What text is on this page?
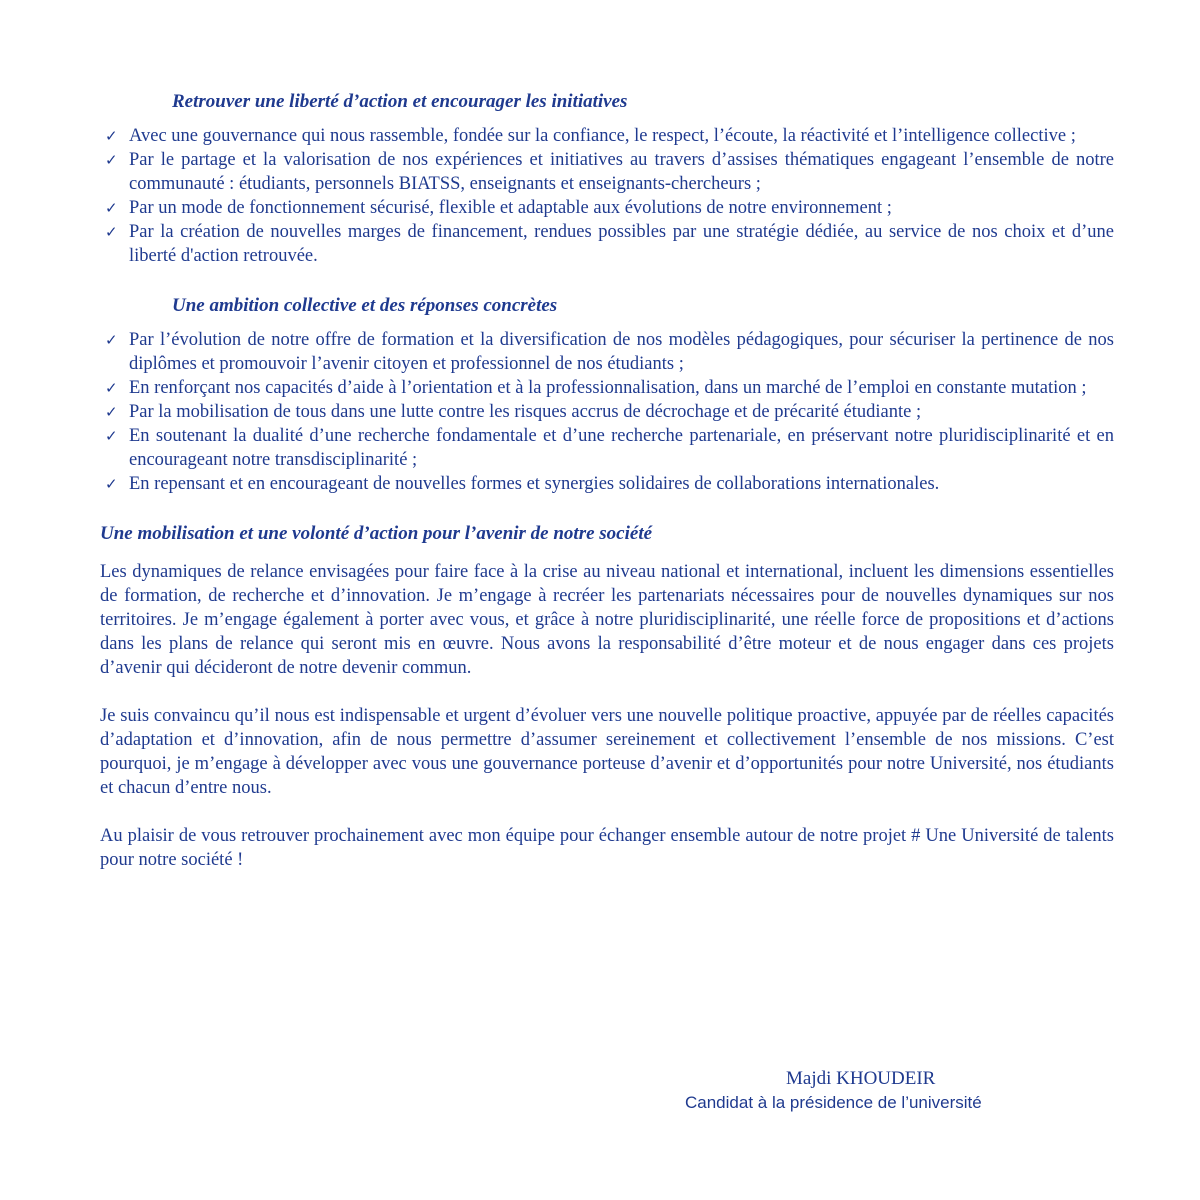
Retrouver une liberté d’action et encourager les initiatives
✓ Avec une gouvernance qui nous rassemble, fondée sur la confiance, le respect, l’écoute, la réactivité et l’intelligence collective ;
✓ Par le partage et la valorisation de nos expériences et initiatives au travers d’assises thématiques engageant l’ensemble de notre communauté : étudiants, personnels BIATSS, enseignants et enseignants-chercheurs ;
✓ Par un mode de fonctionnement sécurisé, flexible et adaptable aux évolutions de notre environnement ;
✓ Par la création de nouvelles marges de financement, rendues possibles par une stratégie dédiée, au service de nos choix et d’une liberté d'action retrouvée.
Une ambition collective et des réponses concrètes
✓ Par l’évolution de notre offre de formation et la diversification de nos modèles pédagogiques, pour sécuriser la pertinence de nos diplômes et promouvoir l’avenir citoyen et professionnel de nos étudiants ;
✓ En renforçant nos capacités d’aide à l’orientation et à la professionnalisation, dans un marché de l’emploi en constante mutation ;
✓ Par la mobilisation de tous dans une lutte contre les risques accrus de décrochage et de précarité étudiante ;
✓ En soutenant la dualité d’une recherche fondamentale et d’une recherche partenariale, en préservant notre pluridisciplinarité et en encourageant notre transdisciplinarité ;
✓ En repensant et en encourageant de nouvelles formes et synergies solidaires de collaborations internationales.
Une mobilisation et une volonté d’action pour l’avenir de notre société

Les dynamiques de relance envisagées pour faire face à la crise au niveau national et international, incluent les dimensions essentielles de formation, de recherche et d’innovation. Je m’engage à recréer les partenariats nécessaires pour de nouvelles dynamiques sur nos territoires. Je m’engage également à porter avec vous, et grâce à notre pluridisciplinarité, une réelle force de propositions et d’actions dans les plans de relance qui seront mis en œuvre. Nous avons la responsabilité d’être moteur et de nous engager dans ces projets d’avenir qui décideront de notre devenir commun.

Je suis convaincu qu’il nous est indispensable et urgent d’évoluer vers une nouvelle politique proactive, appuyée par de réelles capacités d’adaptation et d’innovation, afin de nous permettre d’assumer sereinement et collectivement l’ensemble de nos missions. C’est pourquoi, je m’engage à développer avec vous une gouvernance porteuse d’avenir et d’opportunités pour notre Université, nos étudiants et chacun d’entre nous.

Au plaisir de vous retrouver prochainement avec mon équipe pour échanger ensemble autour de notre projet # Une Université de talents pour notre société !

Majdi KHOUDEIR
Candidat à la présidence de l’université
